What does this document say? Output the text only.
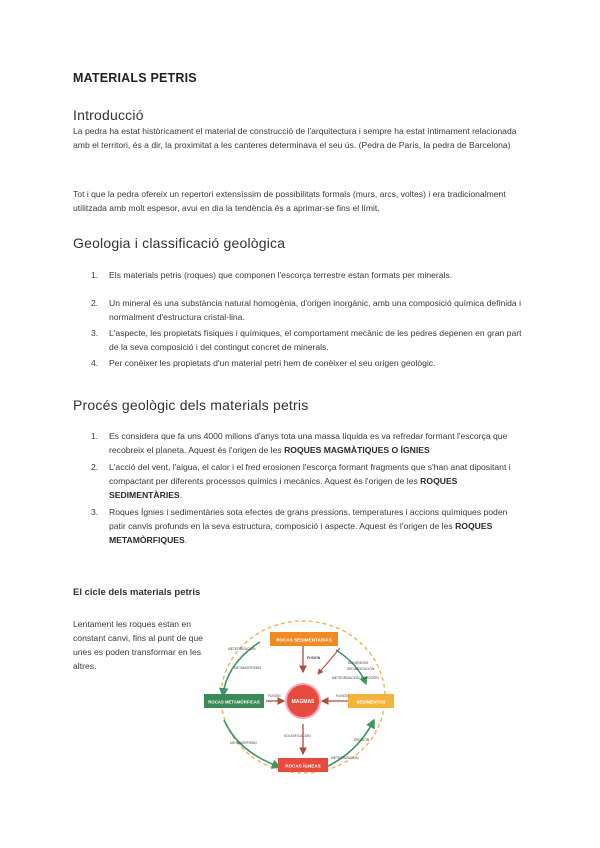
MATERIALS PETRIS
Introducció
La pedra ha estat històricament el material de construcció de l'arquitectura i sempre ha estat íntimament relacionada amb el territori, és a dir, la proximitat a les canteres determinava el seu ús. (Pedra de París, la pedra de Barcelona)
Tot i que la pedra ofereix un repertori extensíssim de possibilitats formals (murs, arcs, voltes) i era tradicionalment utilitzada amb molt espesor, avui en dia la tendència és a aprimar-se fins el límit.
Geologia i classificació geològica
1. Els materials petris (roques) que componen l'escorça terrestre estan formats per minerals.
2. Un mineral és una substància natural homogènia, d'origen inorgànic, amb una composició química definida i normalment d'estructura cristal·lina.
3. L'aspecte, les propietats físiques i químiques, el comportament mecànic de les pedres depenen en gran part de la seva composició i del contingut concret de minerals.
4. Per conèixer les propietats d'un material petri hem de conèixer el seu origen geològic.
Procés geològic dels materials petris
1. Es considera que fa uns 4000 milions d'anys tota una massa líquida es va refredar formant l'escorça que recobreix el planeta. Aquest és l'origen de les ROQUES MAGMÀTIQUES O ÍGNIES
2. L'acció del vent, l'aigua, el calor i el fred erosionen l'escorça formant fragments que s'han anat dipositant i compactant per diferents processos químics i mecànics. Aquest és l'origen de les ROQUES SEDIMENTÀRIES.
3. Roques Ígnies i sedimentàries sota efectes de grans pressions, temperatures i accions químiques poden patir canvis profunds en la seva estructura, composició i aspecte. Aquest és l'origen de les ROQUES METAMÒRFIQUES.
El cicle dels materials petris
Lentament les roques estan en constant canvi, fins al punt de que unes es poden transformar en les altres.
ROCAS SEDIMENTARIAS
ROCAS METAMÓRFICAS	SEDIMENTOS
ROCAS ÍGNEAS
MAGMAS
METEORIZACIÓN
METAMORFISMO
FUSIÓN
DIAGÉNESIS
SEDIMENTACIÓN
METEORIZACIÓN Y EROSIÓN
FUSIÓN
FUSIÓN
EROSIÓN
SOLIDIFICACIÓN
METAMORFISMO
METEORIZACIÓN
